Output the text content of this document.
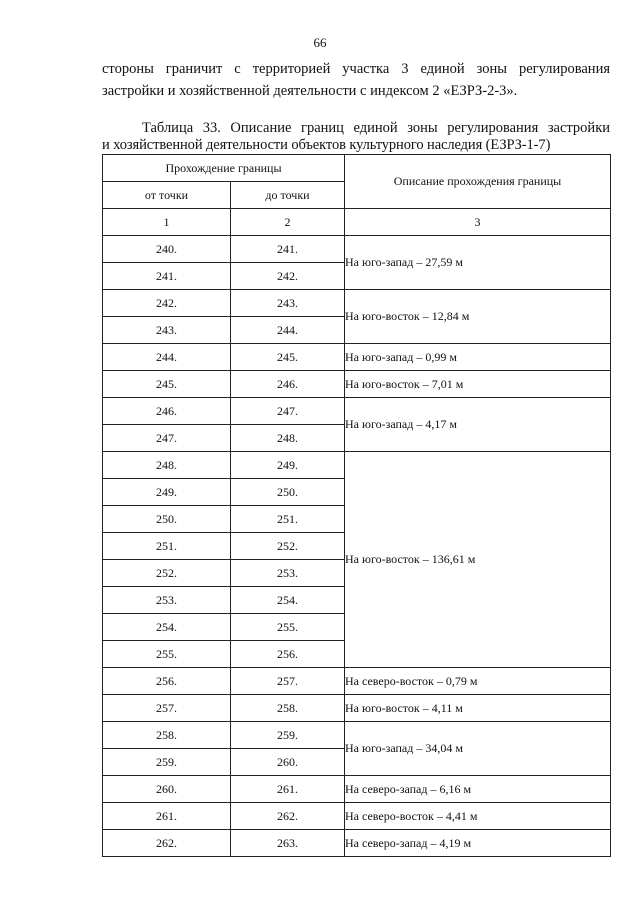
66
стороны граничит с территорией участка 3 единой зоны регулирования
застройки и хозяйственной деятельности с индексом 2 «ЕЗРЗ-2-3».
Таблица 33. Описание границ единой зоны регулирования застройки
и хозяйственной деятельности объектов культурного наследия (ЕЗРЗ-1-7)
Прохождение границы		Описание прохождения границы
от точки	до точки	
1	2	3
240.	241.	На юго-запад – 27,59 м
241.	242.	
242.	243.	На юго-восток – 12,84 м
243.	244.	
244.	245.	На юго-запад – 0,99 м
245.	246.	На юго-восток – 7,01 м
246.	247.	На юго-запад – 4,17 м
247.	248.	
248.	249.	На юго-восток – 136,61 м
249.	250.	
250.	251.	
251.	252.	
252.	253.	
253.	254.	
254.	255.	
255.	256.	
256.	257.	На северо-восток – 0,79 м
257.	258.	На юго-восток – 4,11 м
258.	259.	На юго-запад – 34,04 м
259.	260.	
260.	261.	На северо-запад – 6,16 м
261.	262.	На северо-восток – 4,41 м
262.	263.	На северо-запад – 4,19 м
